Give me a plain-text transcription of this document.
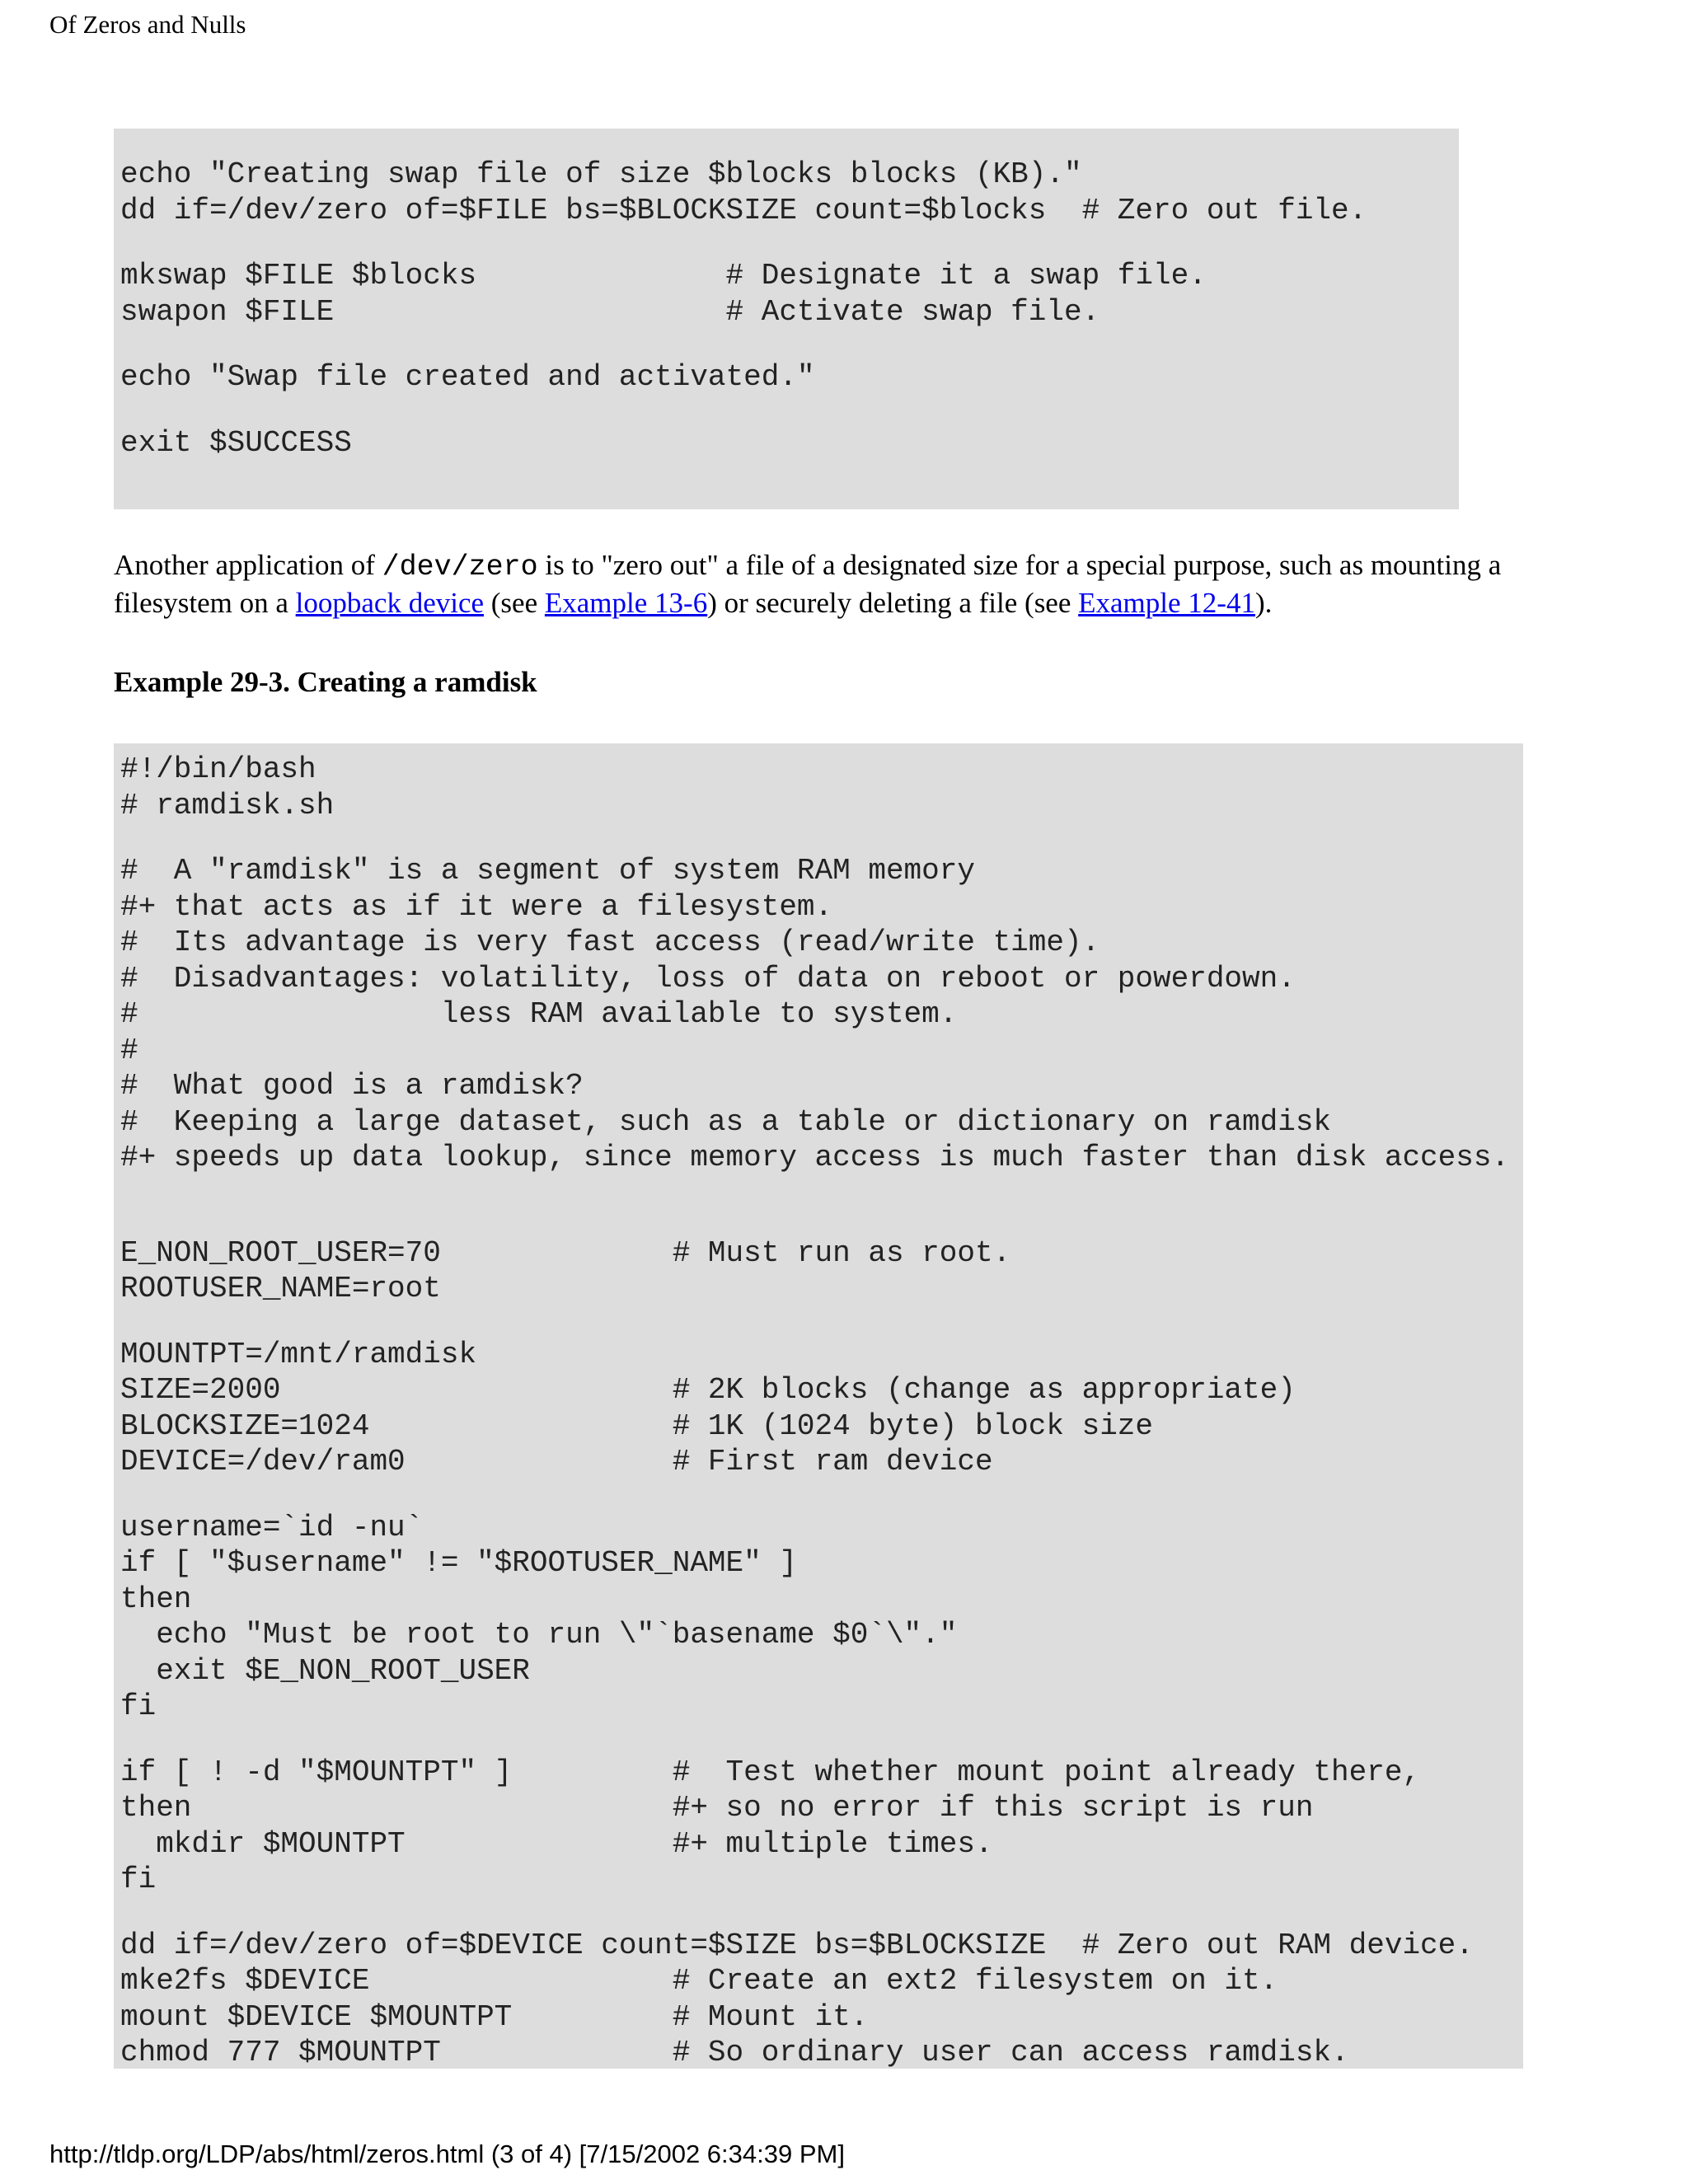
Of Zeros and Nulls
echo "Creating swap file of size $blocks blocks (KB)."
dd if=/dev/zero of=$FILE bs=$BLOCKSIZE count=$blocks  # Zero out file.
mkswap $FILE $blocks              # Designate it a swap file.
swapon $FILE                      # Activate swap file.
echo "Swap file created and activated."
exit $SUCCESS
Another application of /dev/zero is to "zero out" a file of a designated size for a special purpose, such as mounting a filesystem on a loopback device (see Example 13-6) or securely deleting a file (see Example 12-41).
Example 29-3. Creating a ramdisk
#!/bin/bash
# ramdisk.sh
#  A "ramdisk" is a segment of system RAM memory
#+ that acts as if it were a filesystem.
#  Its advantage is very fast access (read/write time).
#  Disadvantages: volatility, loss of data on reboot or powerdown.
#                 less RAM available to system.
#
#  What good is a ramdisk?
#  Keeping a large dataset, such as a table or dictionary on ramdisk
#+ speeds up data lookup, since memory access is much faster than disk access.
E_NON_ROOT_USER=70             # Must run as root.
ROOTUSER_NAME=root
MOUNTPT=/mnt/ramdisk
SIZE=2000                      # 2K blocks (change as appropriate)
BLOCKSIZE=1024                 # 1K (1024 byte) block size
DEVICE=/dev/ram0               # First ram device
username=`id -nu`
if [ "$username" != "$ROOTUSER_NAME" ]
then
echo "Must be root to run \"`basename $0`\"."
exit $E_NON_ROOT_USER
fi
if [ ! -d "$MOUNTPT" ]         #  Test whether mount point already there,
then                           #+ so no error if this script is run
mkdir $MOUNTPT               #+ multiple times.
fi
dd if=/dev/zero of=$DEVICE count=$SIZE bs=$BLOCKSIZE  # Zero out RAM device.
mke2fs $DEVICE                 # Create an ext2 filesystem on it.
mount $DEVICE $MOUNTPT         # Mount it.
chmod 777 $MOUNTPT             # So ordinary user can access ramdisk.
http://tldp.org/LDP/abs/html/zeros.html (3 of 4) [7/15/2002 6:34:39 PM]
